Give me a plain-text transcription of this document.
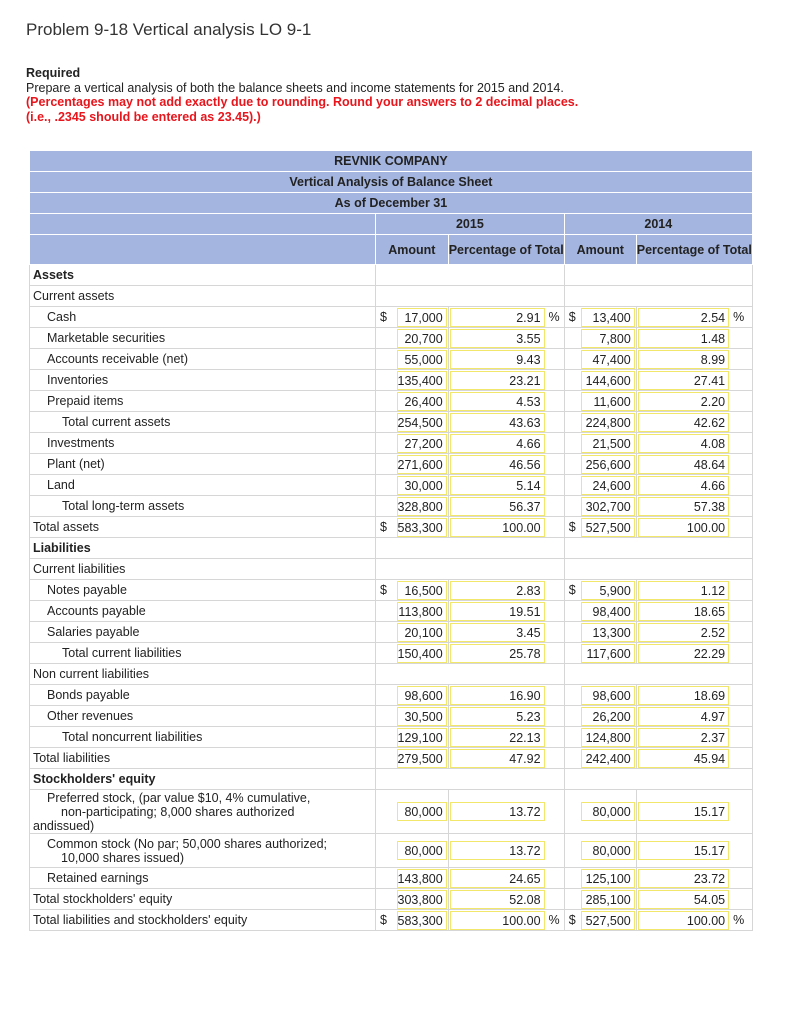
Problem 9-18 Vertical analysis LO 9-1
Required
Prepare a vertical analysis of both the balance sheets and income statements for 2015 and 2014.
(Percentages may not add exactly due to rounding. Round your answers to 2 decimal places.
(i.e., .2345 should be entered as 23.45).)
REVNIK COMPANY								
Vertical Analysis of Balance Sheet								
As of December 31								
	2015				2014			
	Amount		Percentage of Total		Amount		Percentage of Total	
Assets								
Current assets								
Cash	$	17,000	2.91	%	$	13,400	2.54	%
Marketable securities		20,700	3.55			7,800	1.48	

Accounts receivable (net)		55,000	9.43			47,400	8.99	

Inventories		135,400	23.21			144,600	27.41	

Prepaid items		26,400	4.53			11,600	2.20	

Total current assets		254,500	43.63			224,800	42.62	

Investments		27,200	4.66			21,500	4.08	

Plant (net)		271,600	46.56			256,600	48.64	

Land		30,000	5.14			24,600	4.66	

Total long-term assets		328,800	56.37			302,700	57.38	

Total assets	$	583,300	100.00		$	527,500	100.00	

Liabilities								
Current liabilities								
Notes payable	$	16,500	2.83		$	5,900	1.12	

Accounts payable		113,800	19.51			98,400	18.65	

Salaries payable		20,100	3.45			13,300	2.52	

Total current liabilities		150,400	25.78			117,600	22.29	

Non current liabilities								
Bonds payable		98,600	16.90			98,600	18.69	

Other revenues		30,500	5.23			26,200	4.97	

Total noncurrent liabilities		129,100	22.13			124,800	2.37	

Total liabilities		279,500	47.92			242,400	45.94	

Stockholders' equity								

Preferred stock, (par value $10, 4% cumulative,
non-participating; 8,000 shares authorized
andissued)		80,000	13.72			80,000	15.17	

Common stock (No par; 50,000 shares authorized;
10,000 shares issued)		80,000	13.72			80,000	15.17	

Retained earnings		143,800	24.65			125,100	23.72	

Total stockholders' equity		303,800	52.08			285,100	54.05	

Total liabilities and stockholders' equity	$	583,300	100.00	%	$	527,500	100.00	%
